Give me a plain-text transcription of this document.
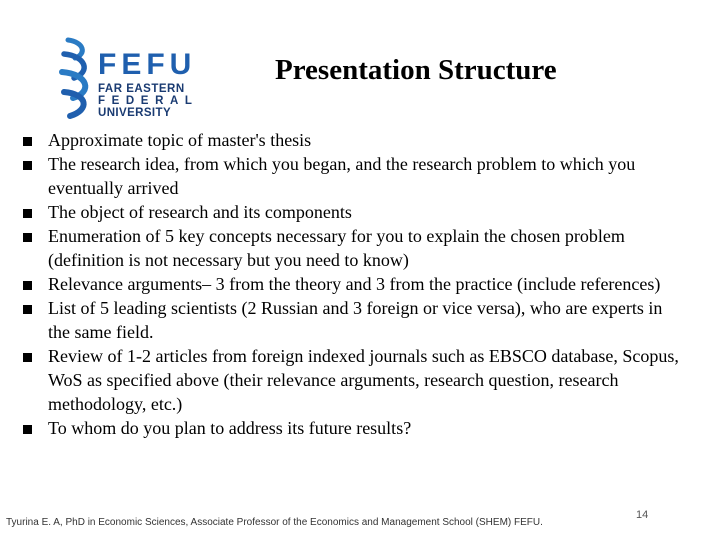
FEFU
FAR EASTERN
FEDERAL
UNIVERSITY
Presentation Structure
Approximate topic of master's thesis
The research idea, from which you began, and the research problem to which you eventually arrived
The object of research and its components
Enumeration of 5 key concepts necessary for you to explain the chosen problem (definition is not necessary but you need to know)
Relevance arguments– 3 from the theory and 3 from the practice (include references)
List of 5 leading scientists (2 Russian and 3 foreign or vice versa), who are experts in the same field.
Review of 1-2 articles from foreign indexed journals such as EBSCO database, Scopus, WoS as specified above (their relevance arguments, research question, research methodology, etc.)
To whom do you plan to address its future results?
Tyurina E. A, PhD in Economic Sciences, Associate Professor of the Economics and Management School (SHEM) FEFU.
14
